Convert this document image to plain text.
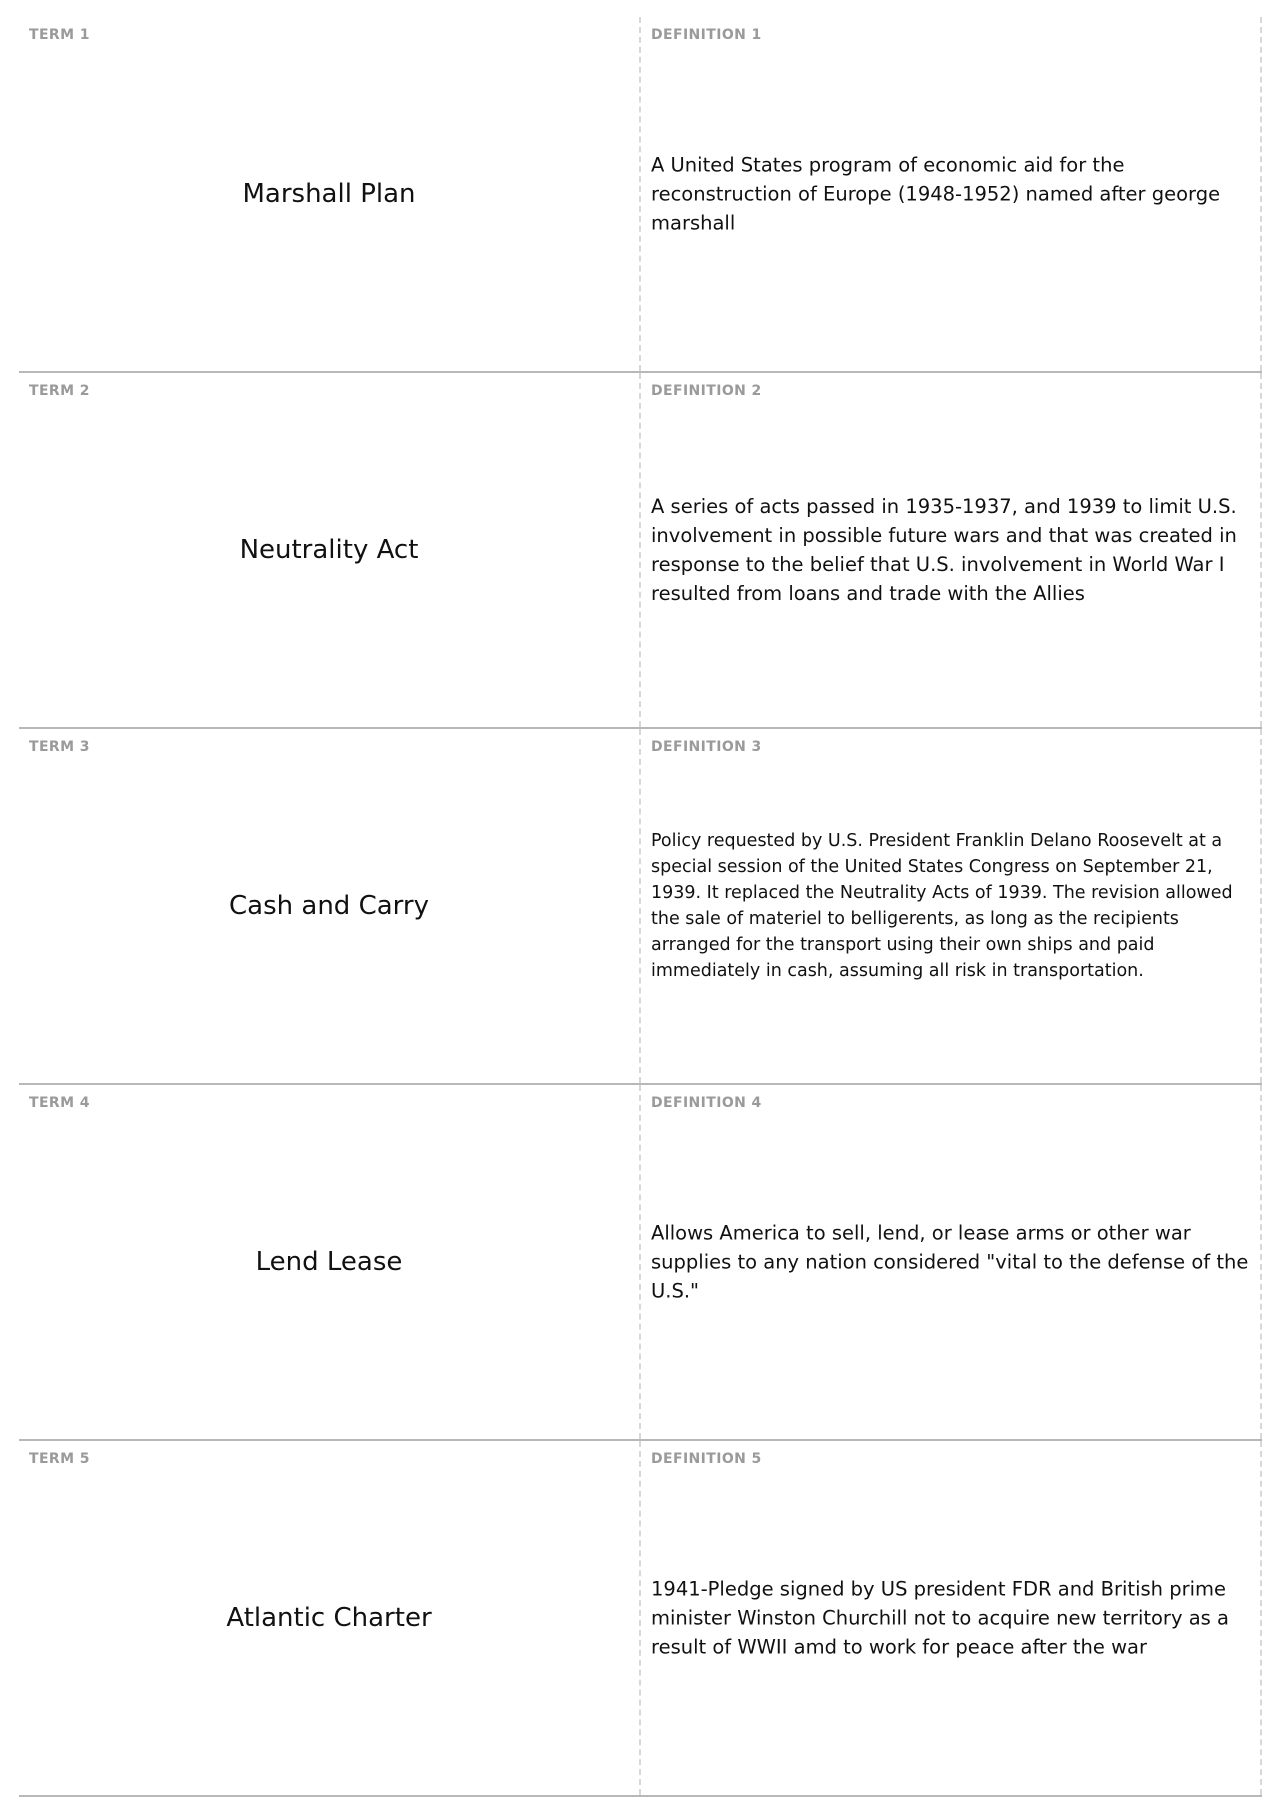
TERM 1
Marshall Plan
DEFINITION 1
A United States program of economic aid for the reconstruction of Europe (1948-1952) named after george marshall
TERM 2
Neutrality Act
DEFINITION 2
A series of acts passed in 1935-1937, and 1939 to limit U.S. involvement in possible future wars and that was created in response to the belief that U.S. involvement in World War I resulted from loans and trade with the Allies
TERM 3
Cash and Carry
DEFINITION 3
Policy requested by U.S. President Franklin Delano Roosevelt at a special session of the United States Congress on September 21, 1939. It replaced the Neutrality Acts of 1939. The revision allowed the sale of materiel to belligerents, as long as the recipients arranged for the transport using their own ships and paid immediately in cash, assuming all risk in transportation.
TERM 4
Lend Lease
DEFINITION 4
Allows America to sell, lend, or lease arms or other war supplies to any nation considered "vital to the defense of the U.S."
TERM 5
Atlantic Charter
DEFINITION 5
1941-Pledge signed by US president FDR and British prime minister Winston Churchill not to acquire new territory as a result of WWII amd to work for peace after the war
